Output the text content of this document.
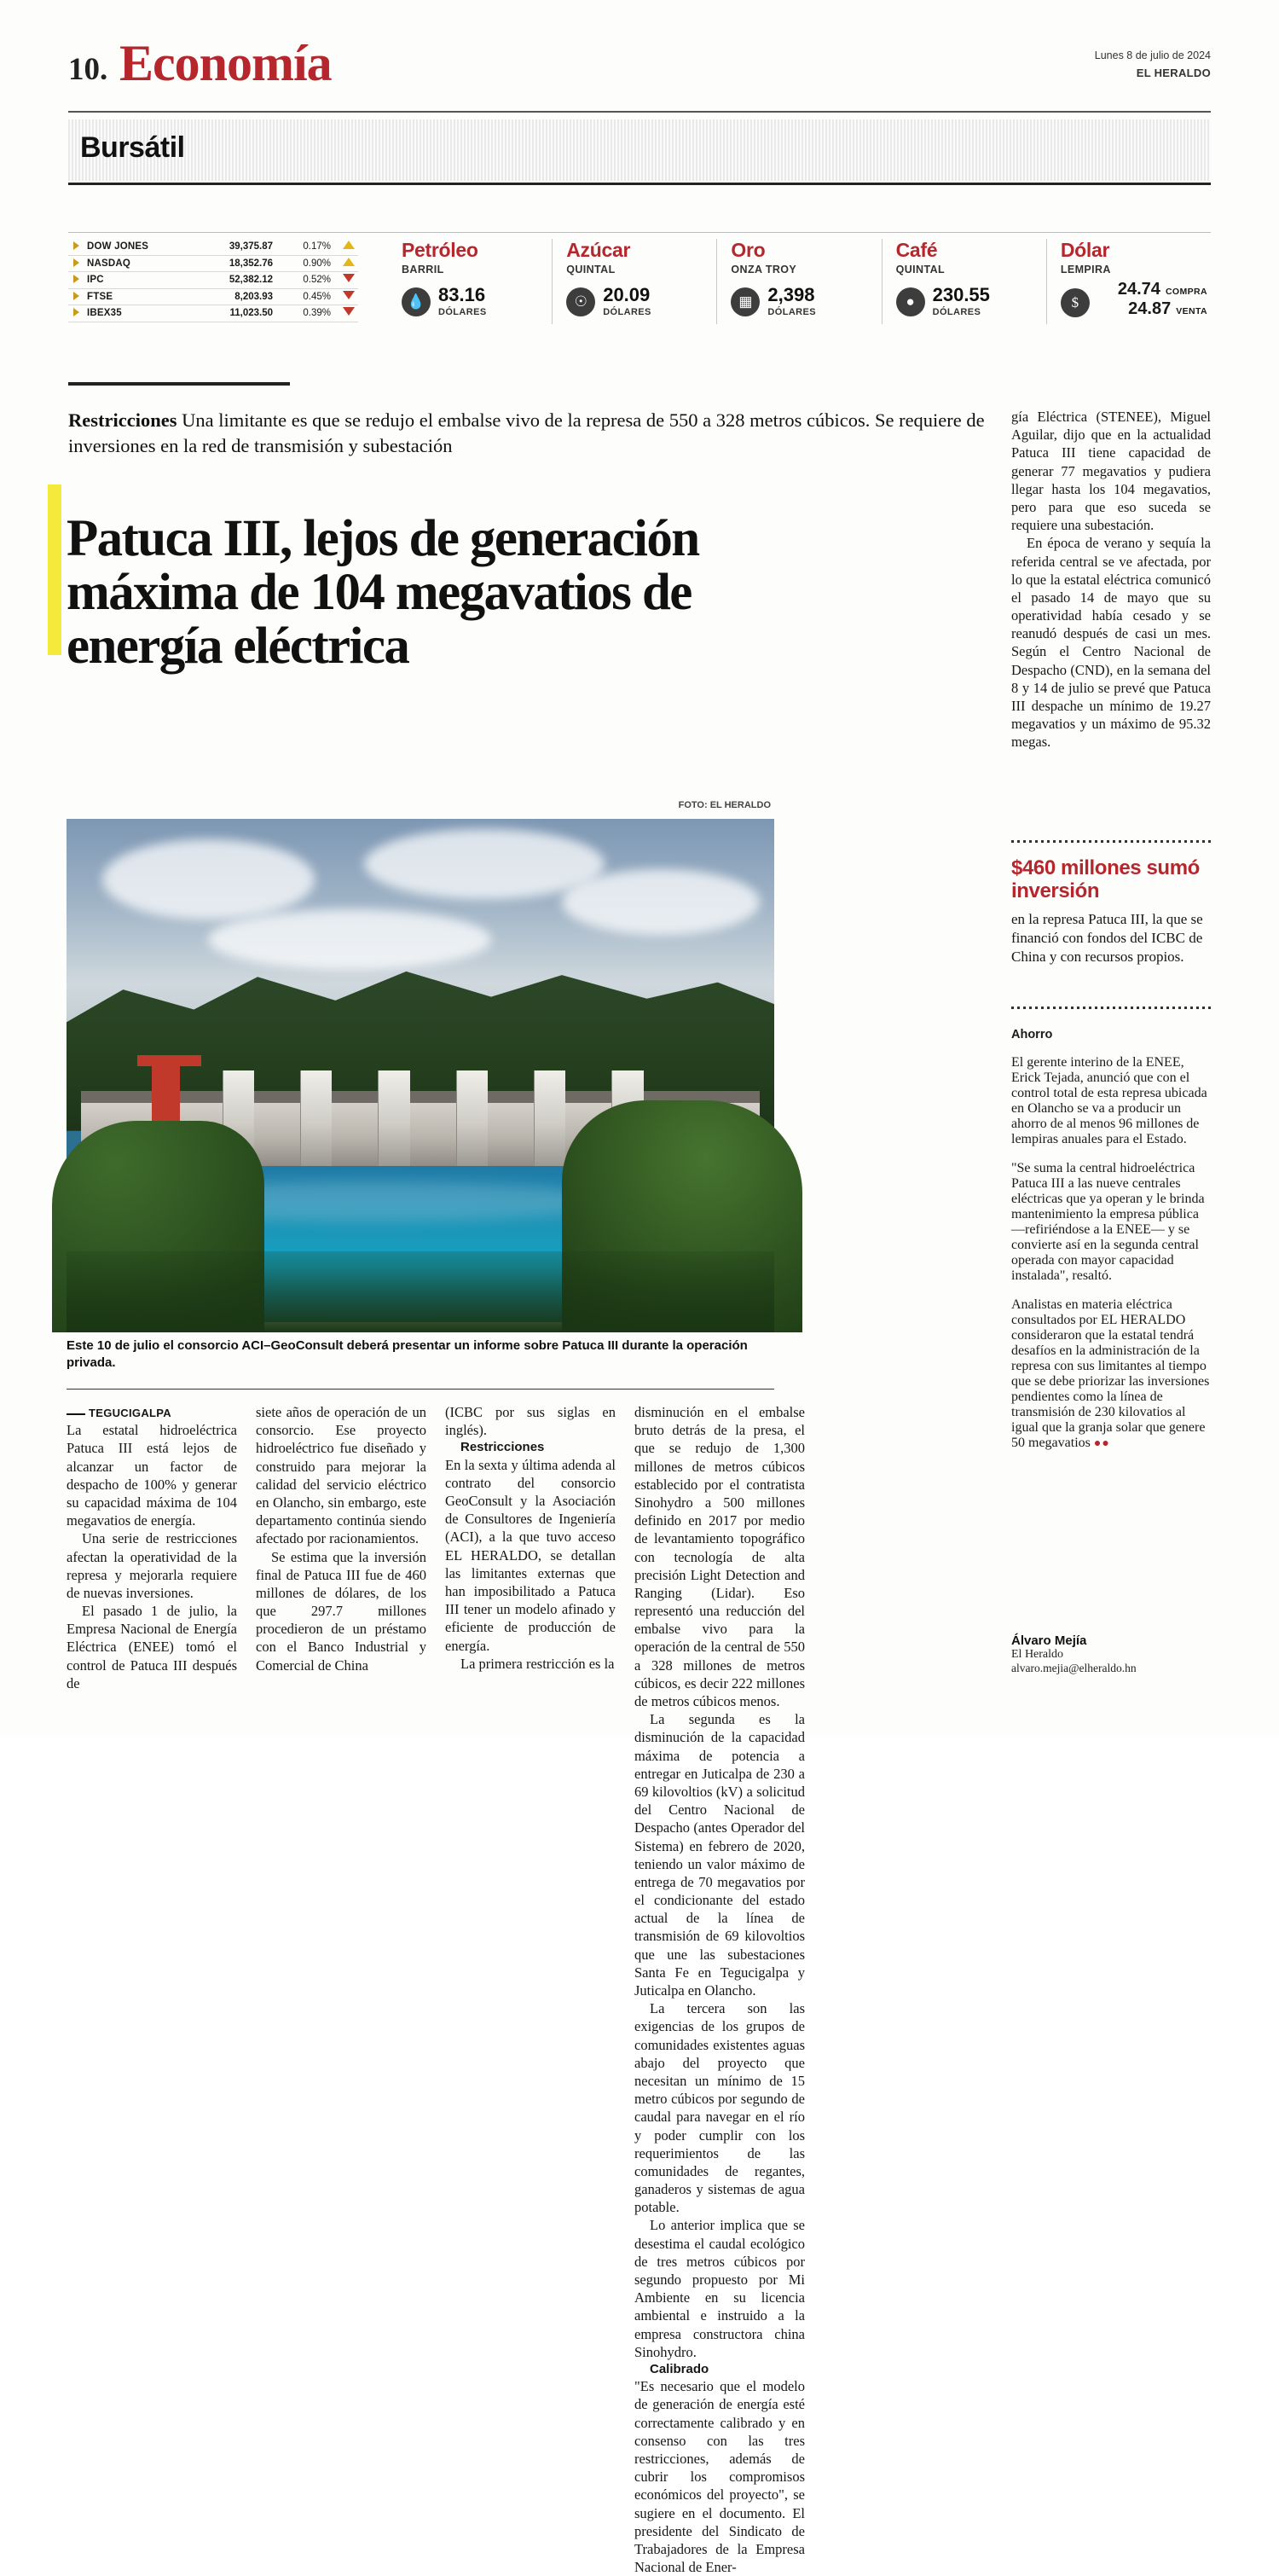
10. Economía	Lunes 8 de julio de 2024
EL HERALDO
Bursátil
DOW JONES	39,375.87	0.17%
NASDAQ	18,352.76	0.90%
IPC	52,382.12	0.52%
FTSE	8,203.93	0.45%
IBEX35	11,023.50	0.39%
Petróleo
BARRIL
💧 83.16
DÓLARES
Azúcar
QUINTAL
☉ 20.09
DÓLARES
Oro
ONZA TROY
▦ 2,398
DÓLARES
Café
QUINTAL
● 230.55
DÓLARES
Dólar
LEMPIRA
$
24.74 COMPRA
24.87 VENTA
Restricciones Una limitante es que se redujo el embalse vivo de la represa de 550 a 328 metros cúbicos. Se requiere de inversiones en la red de transmisión y subestación
Patuca III, lejos de generación máxima de 104 megavatios de energía eléctrica
FOTO: EL HERALDO
Este 10 de julio el consorcio ACI–GeoConsult deberá presentar un informe sobre Patuca III durante la operación privada.

TEGUCIGALPA

La estatal hidroeléctrica Patuca III está lejos de alcanzar un factor de despacho de 100% y generar su capacidad máxima de 104 megavatios de energía.

Una serie de restricciones afectan la operatividad de la represa y mejorarla requiere de nuevas inversiones.

El pasado 1 de julio, la Empresa Nacional de Energía Eléctrica (ENEE) tomó el control de Patuca III después de

siete años de operación de un consorcio. Ese proyecto hidroeléctrico fue diseñado y construido para mejorar la calidad del servicio eléctrico en Olancho, sin embargo, este departamento continúa siendo afectado por racionamientos.

Se estima que la inversión final de Patuca III fue de 460 millones de dólares, de los que 297.7 millones procedieron de un préstamo con el Banco Industrial y Comercial de China

(ICBC por sus siglas en inglés).

Restricciones

En la sexta y última adenda al contrato del consorcio GeoConsult y la Asociación de Consultores de Ingeniería (ACI), a la que tuvo acceso EL HERALDO, se detallan las limitantes externas que han imposibilitado a Patuca III tener un modelo afinado y eficiente de producción de energía.

La primera restricción es la

disminución en el embalse bruto detrás de la presa, el que se redujo de 1,300 millones de metros cúbicos establecido por el contratista Sinohydro a 500 millones definido en 2017 por medio de levantamiento topográfico con tecnología de alta precisión Light Detection and Ranging (Lidar). Eso representó una reducción del embalse vivo para la operación de la central de 550 a 328 millones de metros cúbicos, es decir 222 millones de metros cúbicos menos.

La segunda es la disminución de la capacidad máxima de potencia a entregar en Juticalpa de 230 a 69 kilovoltios (kV) a solicitud del Centro Nacional de Despacho (antes Operador del Sistema) en febrero de 2020, teniendo un valor máximo de entrega de 70 megavatios por el condicionante del estado actual de la línea de transmisión de 69 kilovoltios que une las subestaciones Santa Fe en Tegucigalpa y Juticalpa en Olancho.

La tercera son las exigencias de los grupos de comunidades existentes aguas abajo del proyecto que necesitan un mínimo de 15 metro cúbicos por segundo de caudal para navegar en el río y poder cumplir con los requerimientos de las comunidades de regantes, ganaderos y sistemas de agua potable.

Lo anterior implica que se desestima el caudal ecológico de tres metros cúbicos por segundo propuesto por Mi Ambiente en su licencia ambiental e instruido a la empresa constructora china Sinohydro.

Calibrado

"Es necesario que el modelo de generación de energía esté correctamente calibrado y en consenso con las tres restricciones, además de cubrir los compromisos económicos del proyecto", se sugiere en el documento. El presidente del Sindicato de Trabajadores de la Empresa Nacional de Ener-

gía Eléctrica (STENEE), Miguel Aguilar, dijo que en la actualidad Patuca III tiene capacidad de generar 77 megavatios y pudiera llegar hasta los 104 megavatios, pero para que eso suceda se requiere una subestación.

En época de verano y sequía la referida central se ve afectada, por lo que la estatal eléctrica comunicó el pasado 14 de mayo que su operatividad había cesado y se reanudó después de casi un mes. Según el Centro Nacional de Despacho (CND), en la semana del 8 y 14 de julio se prevé que Patuca III despache un mínimo de 19.27 megavatios y un máximo de 95.32 megas.

$460 millones sumó inversión
en la represa Patuca III, la que se financió con fondos del ICBC de China y con recursos propios.
Ahorro

El gerente interino de la ENEE, Erick Tejada, anunció que con el control total de esta represa ubicada en Olancho se va a producir un ahorro de al menos 96 millones de lempiras anuales para el Estado.

"Se suma la central hidroeléctrica Patuca III a las nueve centrales eléctricas que ya operan y le brinda mantenimiento la empresa pública —refiriéndose a la ENEE— y se convierte así en la segunda central operada con mayor capacidad instalada", resaltó.

Analistas en materia eléctrica consultados por EL HERALDO consideraron que la estatal tendrá desafíos en la administración de la represa con sus limitantes al tiempo que se debe priorizar las inversiones pendientes como la línea de transmisión de 230 kilovatios al igual que la granja solar que genere 50 megavatios ●●

Álvaro Mejía
El Heraldo
alvaro.mejia@elheraldo.hn
